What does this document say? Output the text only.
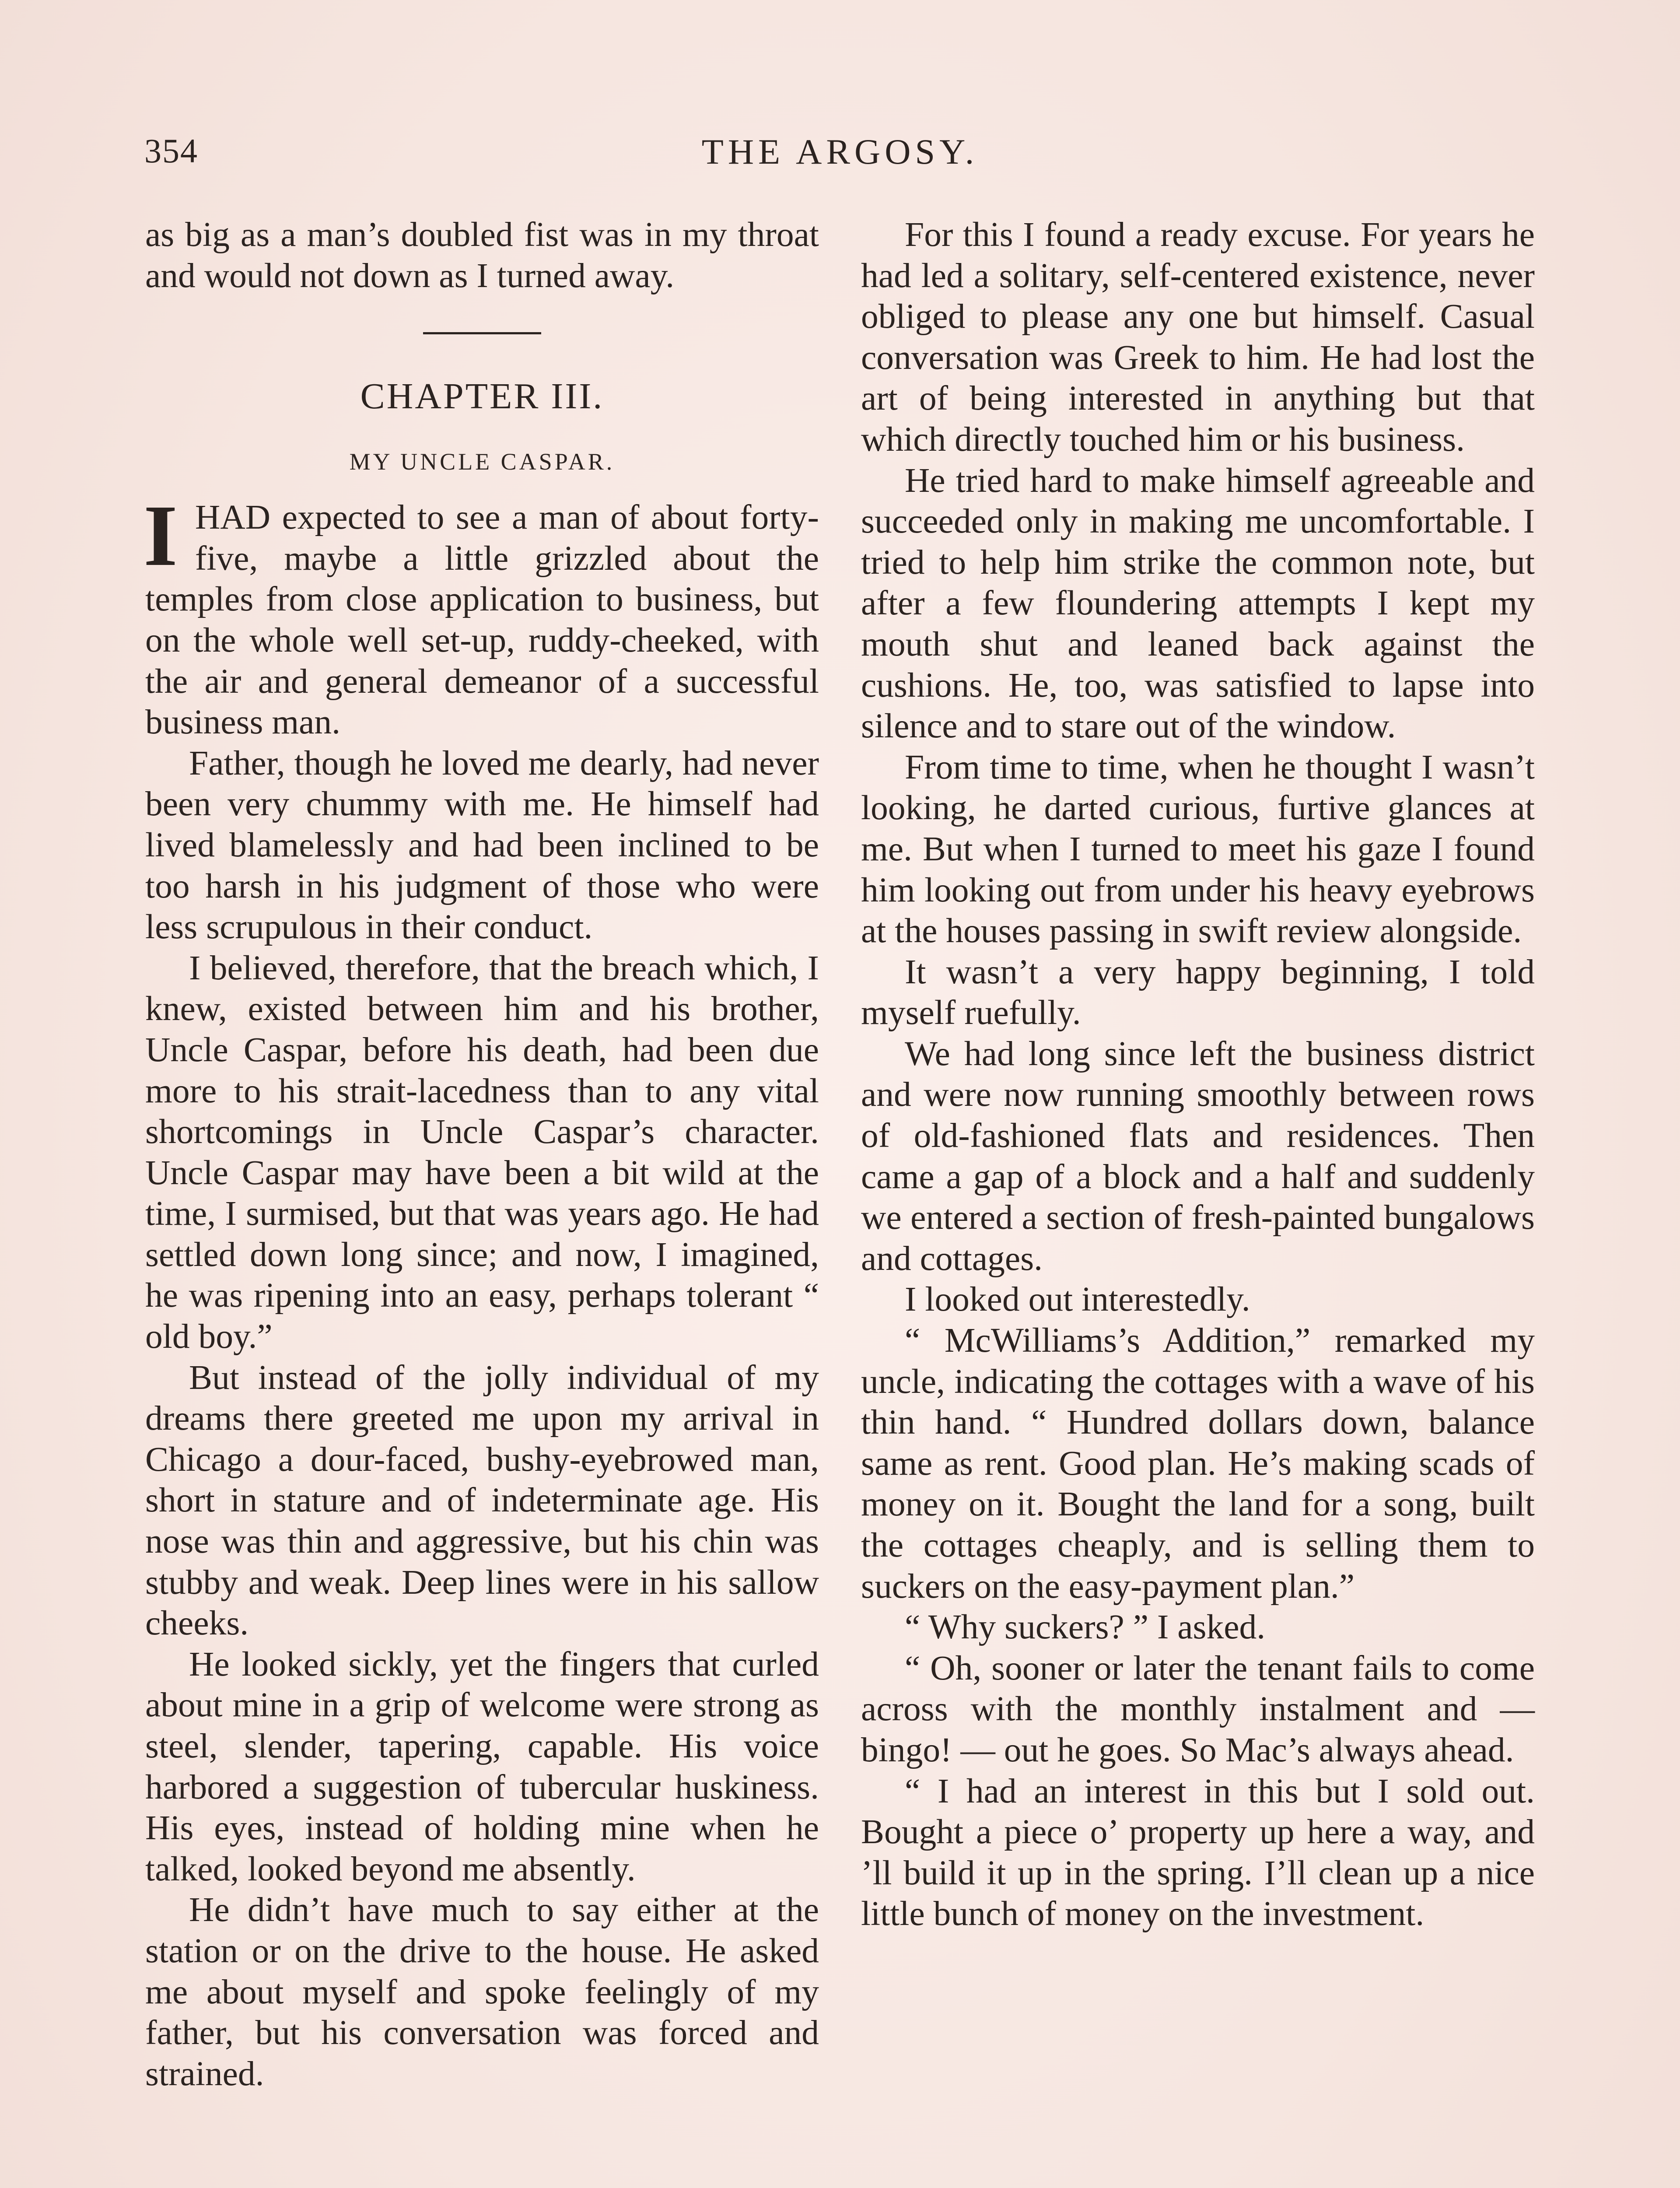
354	THE ARGOSY.

as big as a man’s doubled fist was in my throat and would not down as I turned away.

CHAPTER III.
MY UNCLE CASPAR.

IHAD expected to see a man of about forty-five, maybe a little grizzled about the temples from close application to business, but on the whole well set-up, ruddy-cheeked, with the air and general demeanor of a successful business man.

Father, though he loved me dearly, had never been very chummy with me. He himself had lived blamelessly and had been inclined to be too harsh in his judgment of those who were less scrupulous in their conduct.

I believed, therefore, that the breach which, I knew, existed between him and his brother, Uncle Caspar, before his death, had been due more to his strait-lacedness than to any vital shortcomings in Uncle Caspar’s character. Uncle Caspar may have been a bit wild at the time, I surmised, but that was years ago. He had settled down long since; and now, I imagined, he was ripening into an easy, perhaps tolerant “ old boy.”

But instead of the jolly individual of my dreams there greeted me upon my arrival in Chicago a dour-faced, bushy-eyebrowed man, short in stature and of indeterminate age. His nose was thin and aggressive, but his chin was stubby and weak. Deep lines were in his sallow cheeks.

He looked sickly, yet the fingers that curled about mine in a grip of welcome were strong as steel, slender, tapering, capable. His voice harbored a suggestion of tubercular huskiness. His eyes, instead of holding mine when he talked, looked beyond me absently.

He didn’t have much to say either at the station or on the drive to the house. He asked me about myself and spoke feelingly of my father, but his conversation was forced and strained.

For this I found a ready excuse. For years he had led a solitary, self-centered existence, never obliged to please any one but himself. Casual conversation was Greek to him. He had lost the art of being interested in anything but that which directly touched him or his business.

He tried hard to make himself agreeable and succeeded only in making me uncomfortable. I tried to help him strike the common note, but after a few floundering attempts I kept my mouth shut and leaned back against the cushions. He, too, was satisfied to lapse into silence and to stare out of the window.

From time to time, when he thought I wasn’t looking, he darted curious, furtive glances at me. But when I turned to meet his gaze I found him looking out from under his heavy eyebrows at the houses passing in swift review alongside.

It wasn’t a very happy beginning, I told myself ruefully.

We had long since left the business district and were now running smoothly between rows of old-fashioned flats and residences. Then came a gap of a block and a half and suddenly we entered a section of fresh-painted bungalows and cottages.

I looked out interestedly.

“ McWilliams’s Addition,” remarked my uncle, indicating the cottages with a wave of his thin hand. “ Hundred dollars down, balance same as rent. Good plan. He’s making scads of money on it. Bought the land for a song, built the cottages cheaply, and is selling them to suckers on the easy-payment plan.”

“ Why suckers? ” I asked.

“ Oh, sooner or later the tenant fails to come across with the monthly instalment and — bingo! — out he goes. So Mac’s always ahead.

“ I had an interest in this but I sold out. Bought a piece o’ property up here a way, and ’ll build it up in the spring. I’ll clean up a nice little bunch of money on the investment.
